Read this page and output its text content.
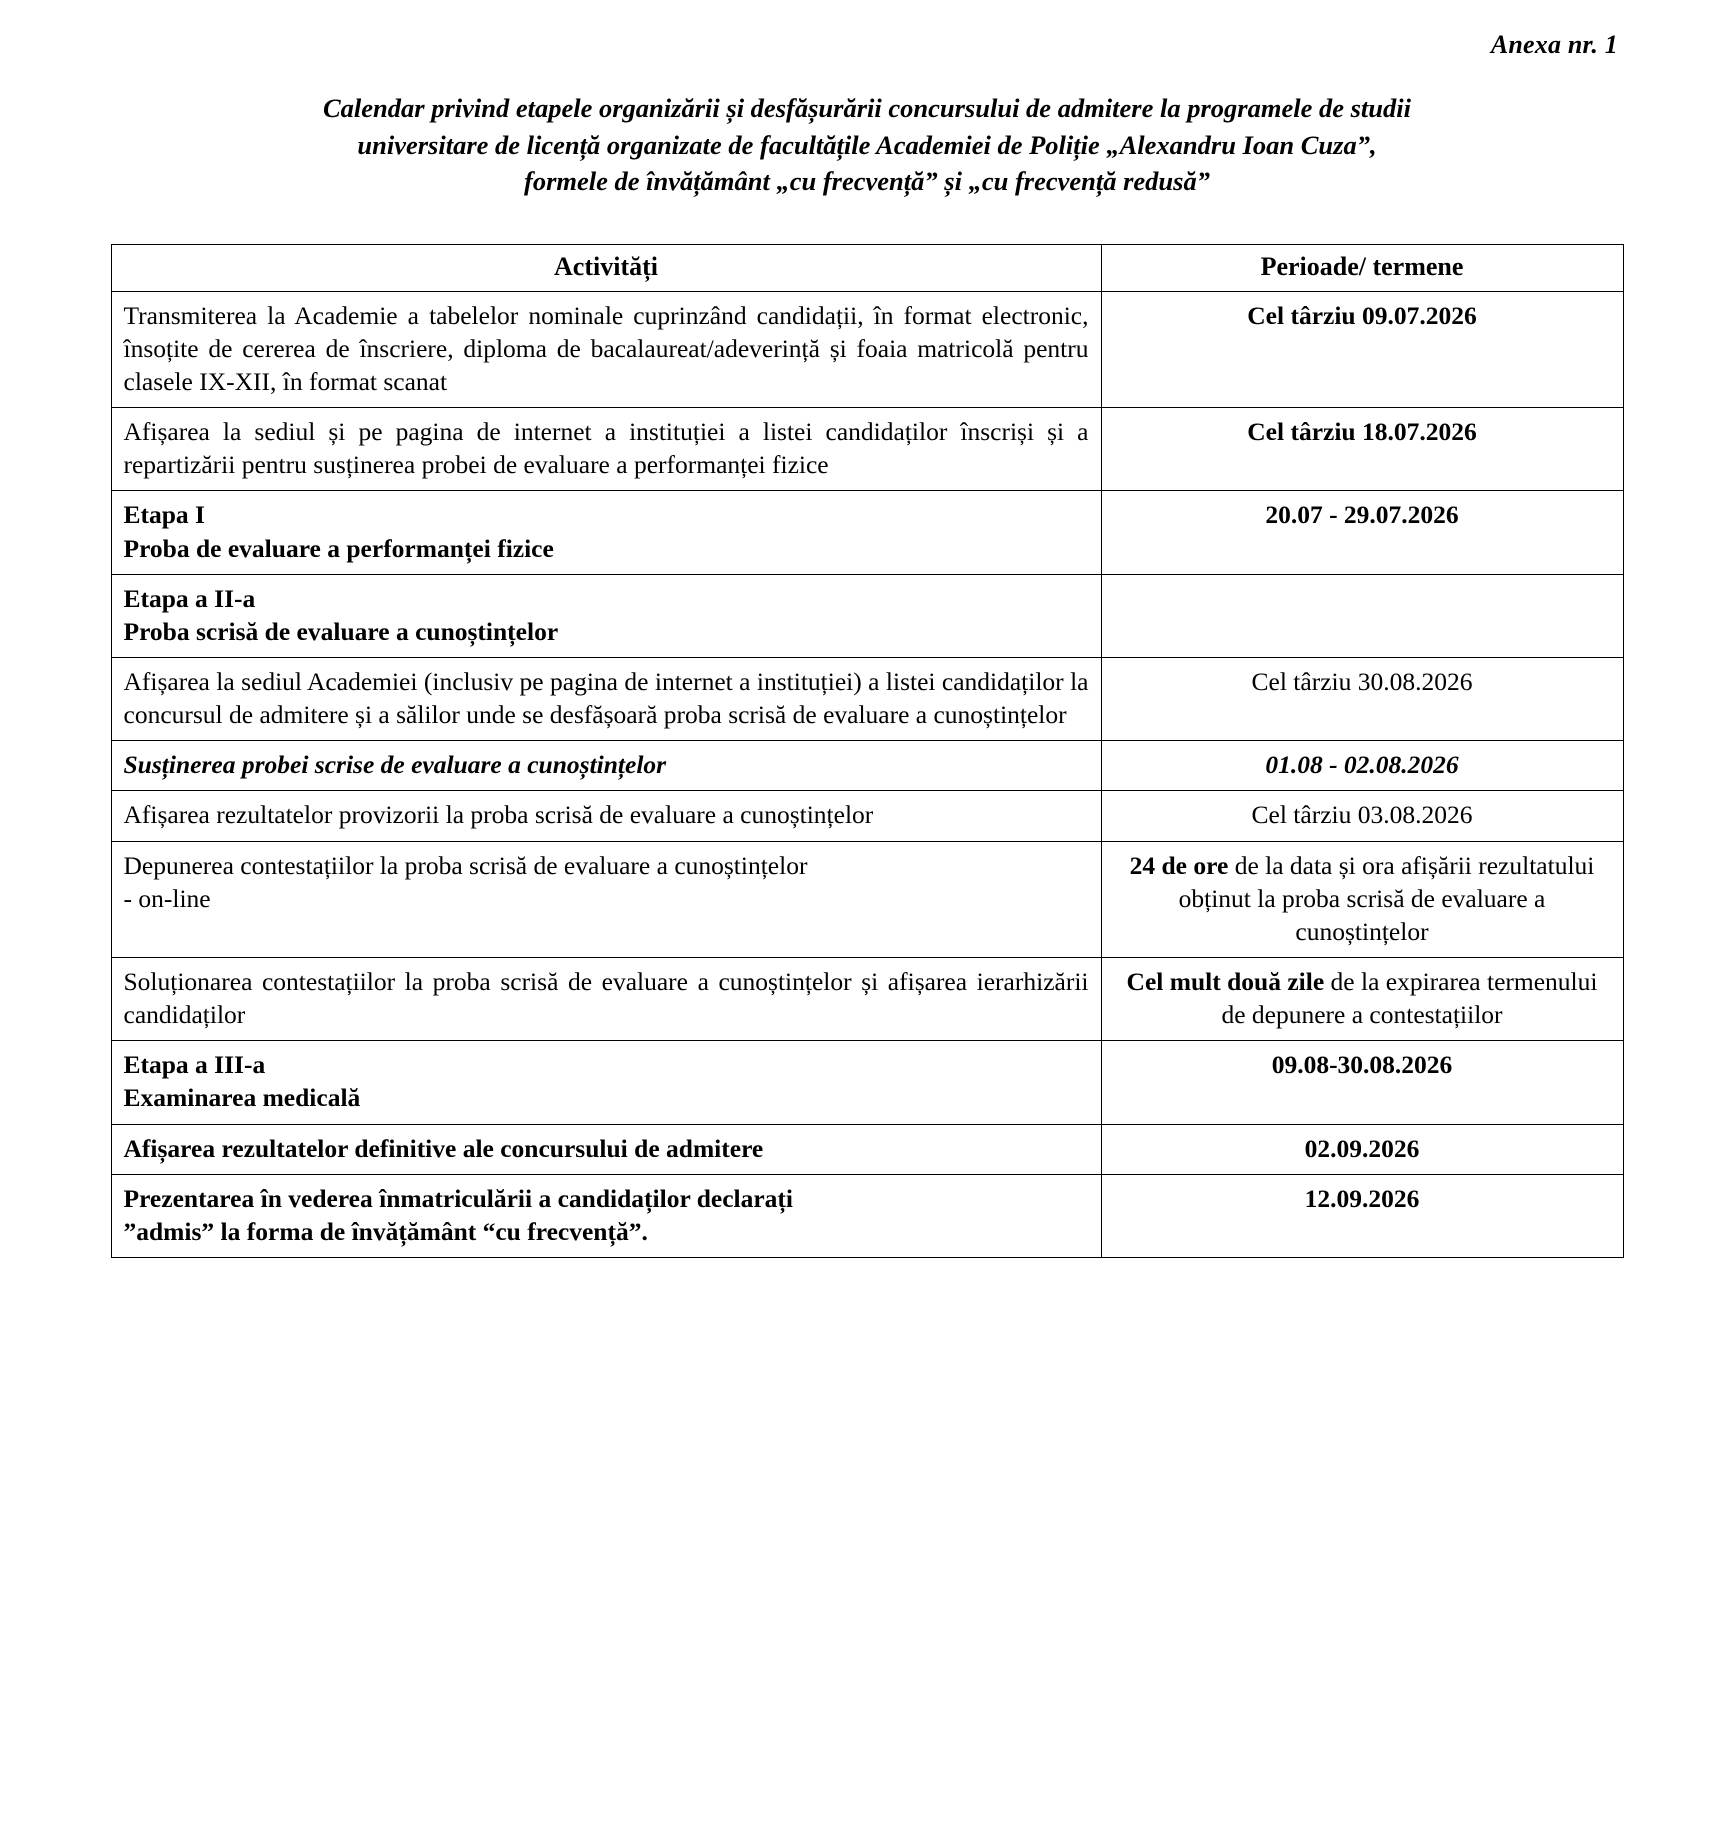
Anexa nr. 1
Calendar privind etapele organizării și desfășurării concursului de admitere la programele de studii
universitare de licență organizate de facultățile Academiei de Poliție „Alexandru Ioan Cuza”,
formele de învățământ „cu frecvență” și „cu frecvență redusă”
Activități	Perioade/ termene
Transmiterea la Academie a tabelelor nominale cuprinzând candidații, în format electronic, însoțite de cererea de înscriere, diploma de bacalaureat/adeverință și foaia matricolă pentru clasele IX-XII, în format scanat	Cel târziu 09.07.2026
Afișarea la sediul și pe pagina de internet a instituției a listei candidaților înscriși și a repartizării pentru susținerea probei de evaluare a performanței fizice	Cel târziu 18.07.2026

Etapa I
Proba de evaluare a performanței fizice	20.07 - 29.07.2026

Etapa a II-a
Proba scrisă de evaluare a cunoștințelor	

Afișarea la sediul Academiei (inclusiv pe pagina de internet a instituției) a listei candidaților la concursul de admitere și a sălilor unde se desfășoară proba scrisă de evaluare a cunoștințelor	Cel târziu 30.08.2026
Susținerea probei scrise de evaluare a cunoștințelor	01.08 - 02.08.2026
Afișarea rezultatelor provizorii la proba scrisă de evaluare a cunoștințelor	Cel târziu 03.08.2026

Depunerea contestațiilor la proba scrisă de evaluare a cunoștințelor
- on-line	24 de ore de la data și ora afișării rezultatului obținut la proba scrisă de evaluare a cunoștințelor
Soluționarea contestațiilor la proba scrisă de evaluare a cunoștințelor și afișarea ierarhizării candidaților	Cel mult două zile de la expirarea termenului de depunere a contestațiilor

Etapa a III-a
Examinarea medicală	09.08-30.08.2026
Afișarea rezultatelor definitive ale concursului de admitere	02.09.2026

Prezentarea în vederea înmatriculării a candidaților declarați
”admis” la forma de învățământ “cu frecvență”.	12.09.2026
